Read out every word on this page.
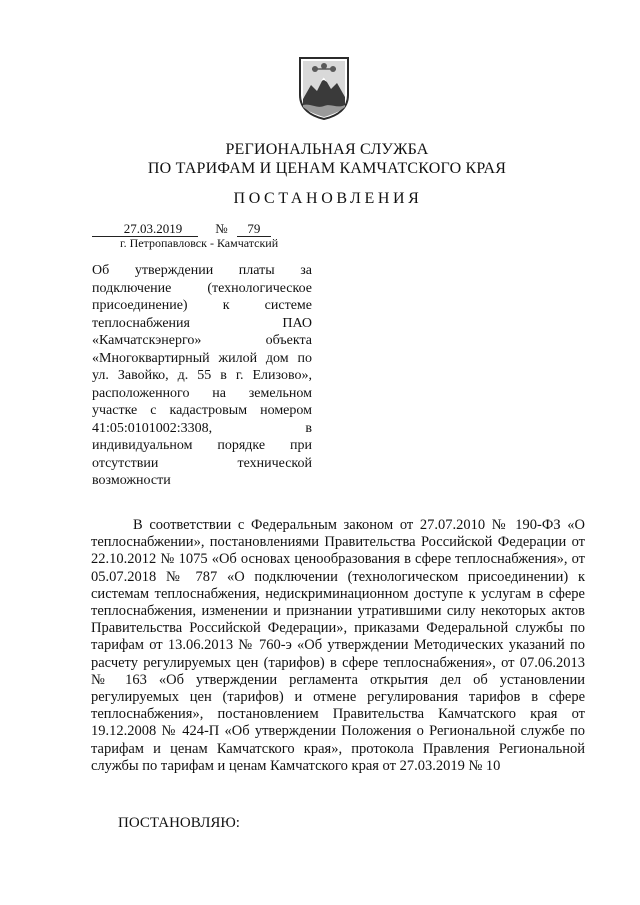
РЕГИОНАЛЬНАЯ СЛУЖБА
ПО ТАРИФАМ И ЦЕНАМ КАМЧАТСКОГО КРАЯ
ПОСТАНОВЛЕНИЯ
27.03.2019	№ 79
г. Петропавловск - Камчатский
Об утверждении платы за подключение (технологическое присоединение) к системе теплоснабжения ПАО «Камчатскэнерго» объекта «Многоквартирный жилой дом по ул. Завойко, д. 55 в г. Елизово», расположенного на земельном участке с кадастровым номером 41:05:0101002:3308, в индивидуальном порядке при отсутствии технической возможности

В соответствии с Федеральным законом от 27.07.2010 № 190-ФЗ «О теплоснабжении», постановлениями Правительства Российской Федерации от 22.10.2012 № 1075 «Об основах ценообразования в сфере теплоснабжения», от 05.07.2018 № 787 «О подключении (технологическом присоединении) к системам теплоснабжения, недискриминационном доступе к услугам в сфере теплоснабжения, изменении и признании утратившими силу некоторых актов Правительства Российской Федерации», приказами Федеральной службы по тарифам от 13.06.2013 № 760-э «Об утверждении Методических указаний по расчету регулируемых цен (тарифов) в сфере теплоснабжения», от 07.06.2013 № 163 «Об утверждении регламента открытия дел об установлении регулируемых цен (тарифов) и отмене регулирования тарифов в сфере теплоснабжения», постановлением Правительства Камчатского края от 19.12.2008 № 424-П «Об утверждении Положения о Региональной службе по тарифам и ценам Камчатского края», протокола Правления Региональной службы по тарифам и ценам Камчатского края от 27.03.2019 № 10

ПОСТАНОВЛЯЮ:
